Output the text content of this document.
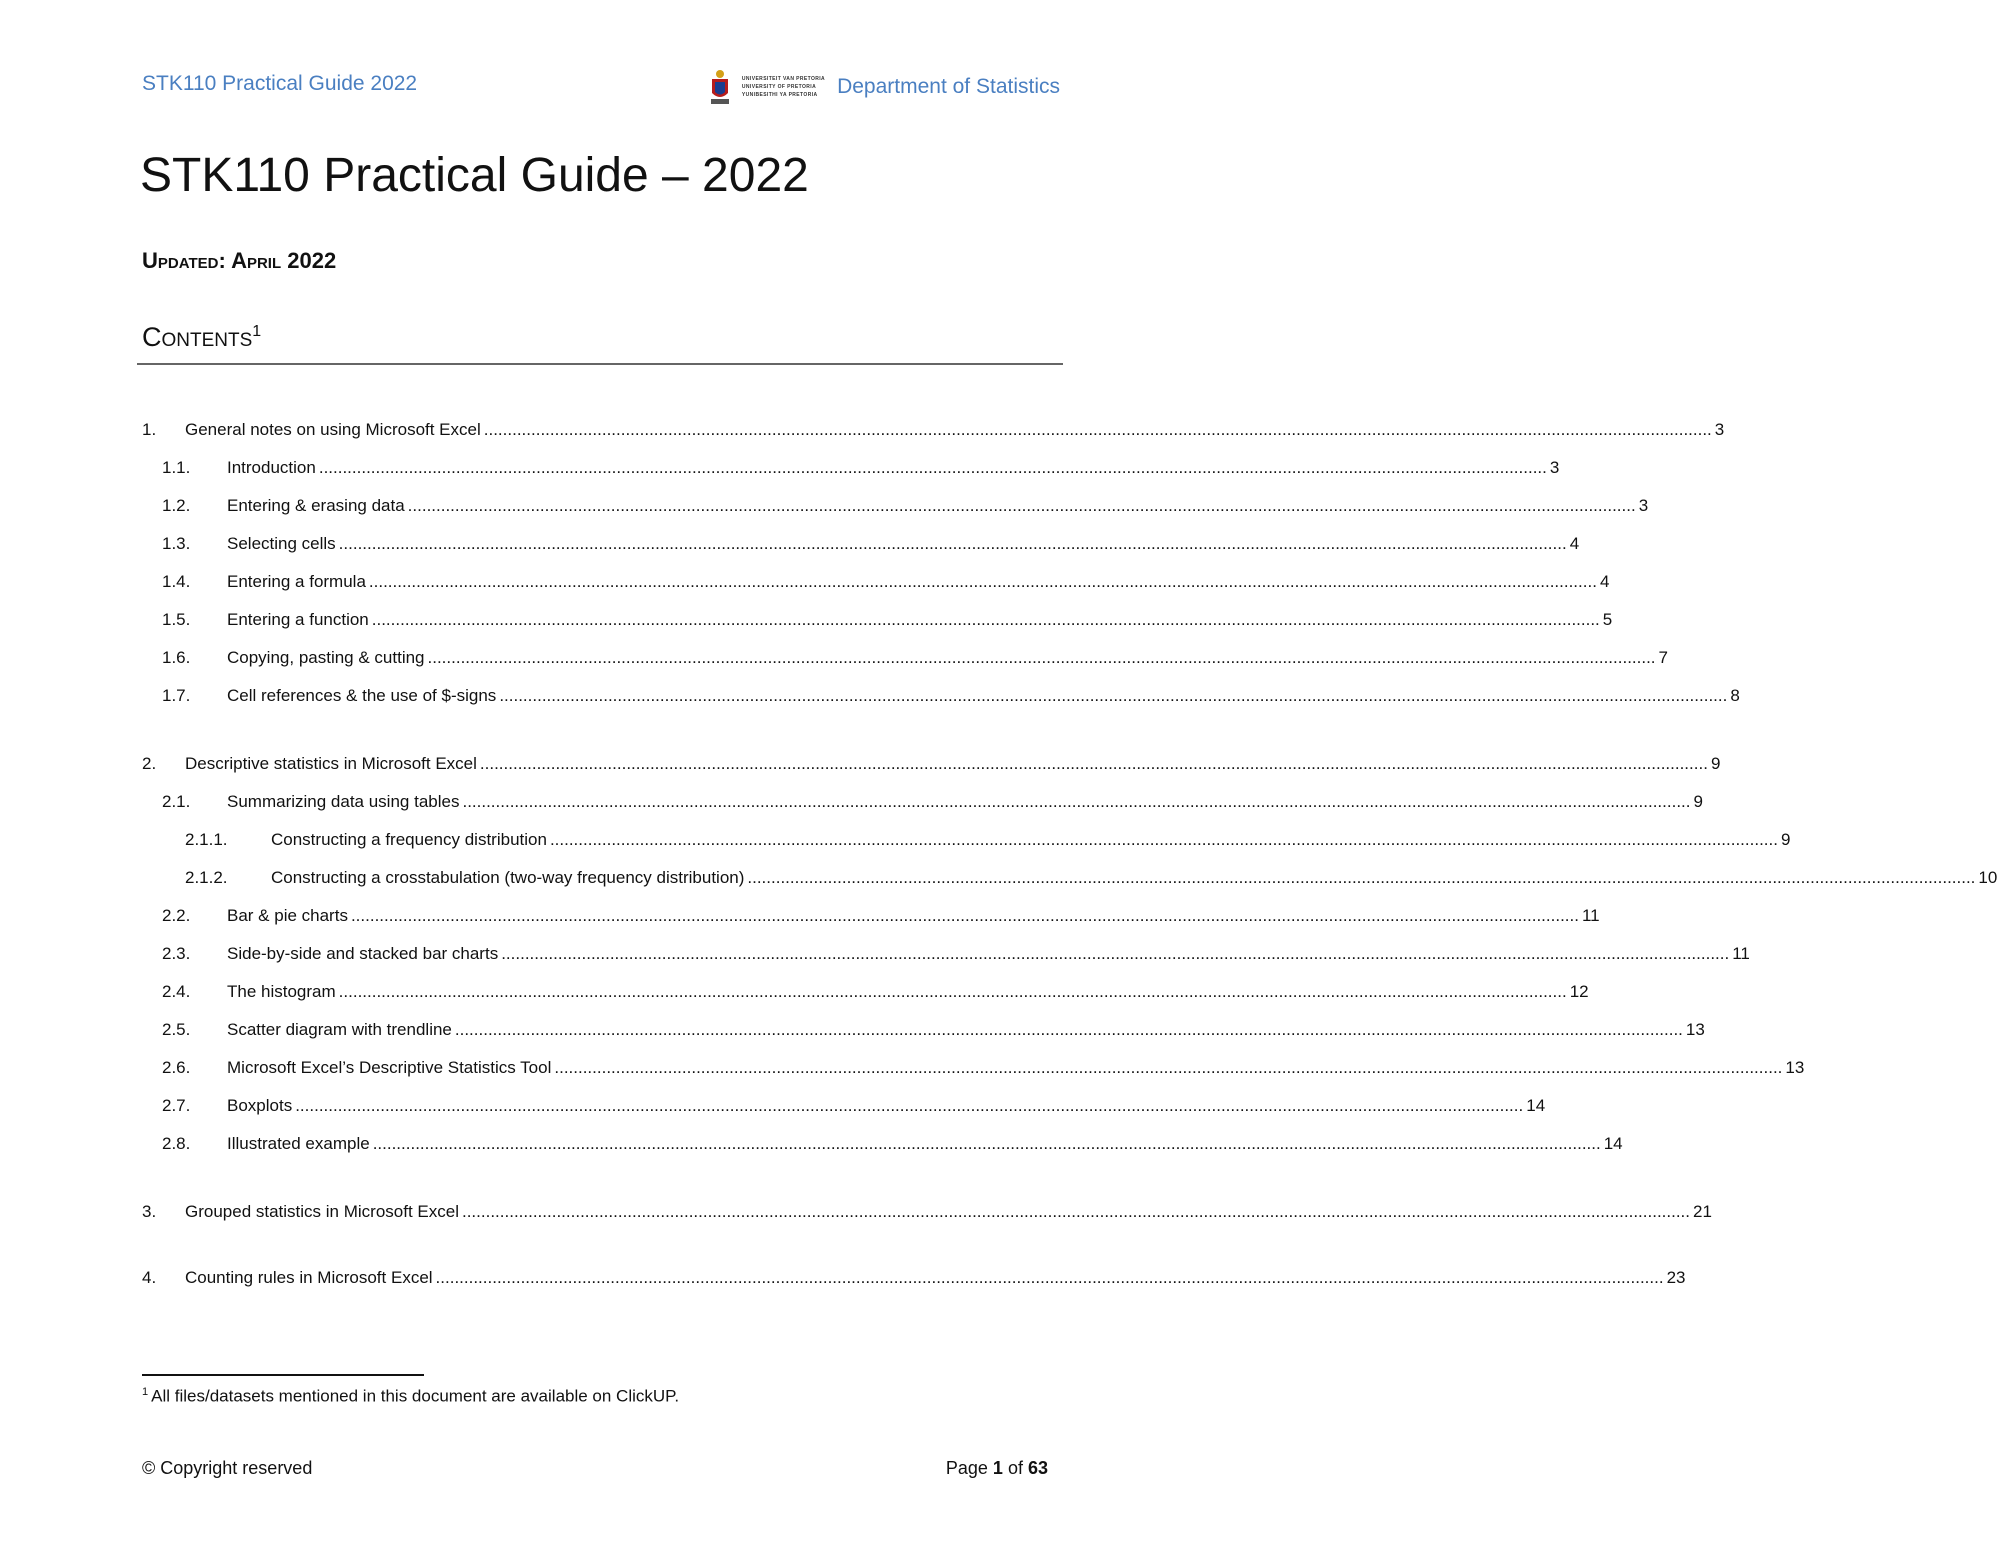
STK110 Practical Guide 2022	UNIVERSITEIT VAN PRETORIA
UNIVERSITY OF PRETORIA
YUNIBESITHI YA PRETORIA Department of Statistics
STK110 Practical Guide – 2022
Updated: April 2022
Contents$^1$
1.	General notes on using Microsoft Excel .................................................................................................................................................................................................................................................................... 3
1.1.	Introduction .................................................................................................................................................................................................................................................................... 3
1.2.	Entering & erasing data .................................................................................................................................................................................................................................................................... 3
1.3.	Selecting cells .................................................................................................................................................................................................................................................................... 4
1.4.	Entering a formula .................................................................................................................................................................................................................................................................... 4
1.5.	Entering a function .................................................................................................................................................................................................................................................................... 5
1.6.	Copying, pasting & cutting .................................................................................................................................................................................................................................................................... 7
1.7.	Cell references & the use of $-signs .................................................................................................................................................................................................................................................................... 8
2.	Descriptive statistics in Microsoft Excel .................................................................................................................................................................................................................................................................... 9
2.1.	Summarizing data using tables .................................................................................................................................................................................................................................................................... 9
2.1.1.	Constructing a frequency distribution .................................................................................................................................................................................................................................................................... 9
2.1.2.	Constructing a crosstabulation (two-way frequency distribution) .................................................................................................................................................................................................................................................................... 10
2.2.	Bar & pie charts .................................................................................................................................................................................................................................................................... 11
2.3.	Side-by-side and stacked bar charts .................................................................................................................................................................................................................................................................... 11
2.4.	The histogram .................................................................................................................................................................................................................................................................... 12
2.5.	Scatter diagram with trendline .................................................................................................................................................................................................................................................................... 13
2.6.	Microsoft Excel’s Descriptive Statistics Tool .................................................................................................................................................................................................................................................................... 13
2.7.	Boxplots .................................................................................................................................................................................................................................................................... 14
2.8.	Illustrated example .................................................................................................................................................................................................................................................................... 14
3.	Grouped statistics in Microsoft Excel .................................................................................................................................................................................................................................................................... 21
4.	Counting rules in Microsoft Excel .................................................................................................................................................................................................................................................................... 23
$^1$ All files/datasets mentioned in this document are available on ClickUP.
© Copyright reserved	Page 1 of 63
